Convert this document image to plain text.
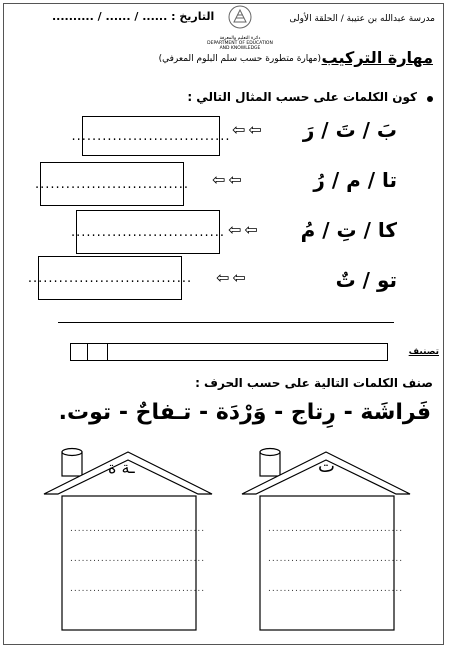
مدرسة عبدالله بن عتيبة / الحلقة الأولى
التاريخ : ...... / ...... / ..........
دائرة التعليم والمعرفة
DEPARTMENT OF EDUCATION
AND KNOWLEDGE	مهارة التركيب
(مهارة متطورة حسب سلم البلوم المعرفي)
كون الكلمات على حسب المثال التالي :
بَ / تَ / رَ
⇦⇦
...............................
تا / م / رُ
⇦⇦
..............................
كا / تِ / مُ
⇦⇦
..............................
تو / تٌ
⇦⇦
................................
تصنيف
صنف الكلمات التالية على حسب الحرف :
فَراشَة - رِتاج - وَرْدَة - تـفاحٌ - توت.
ـة ة
...................................
...................................
...................................
ت
...................................
...................................
...................................
